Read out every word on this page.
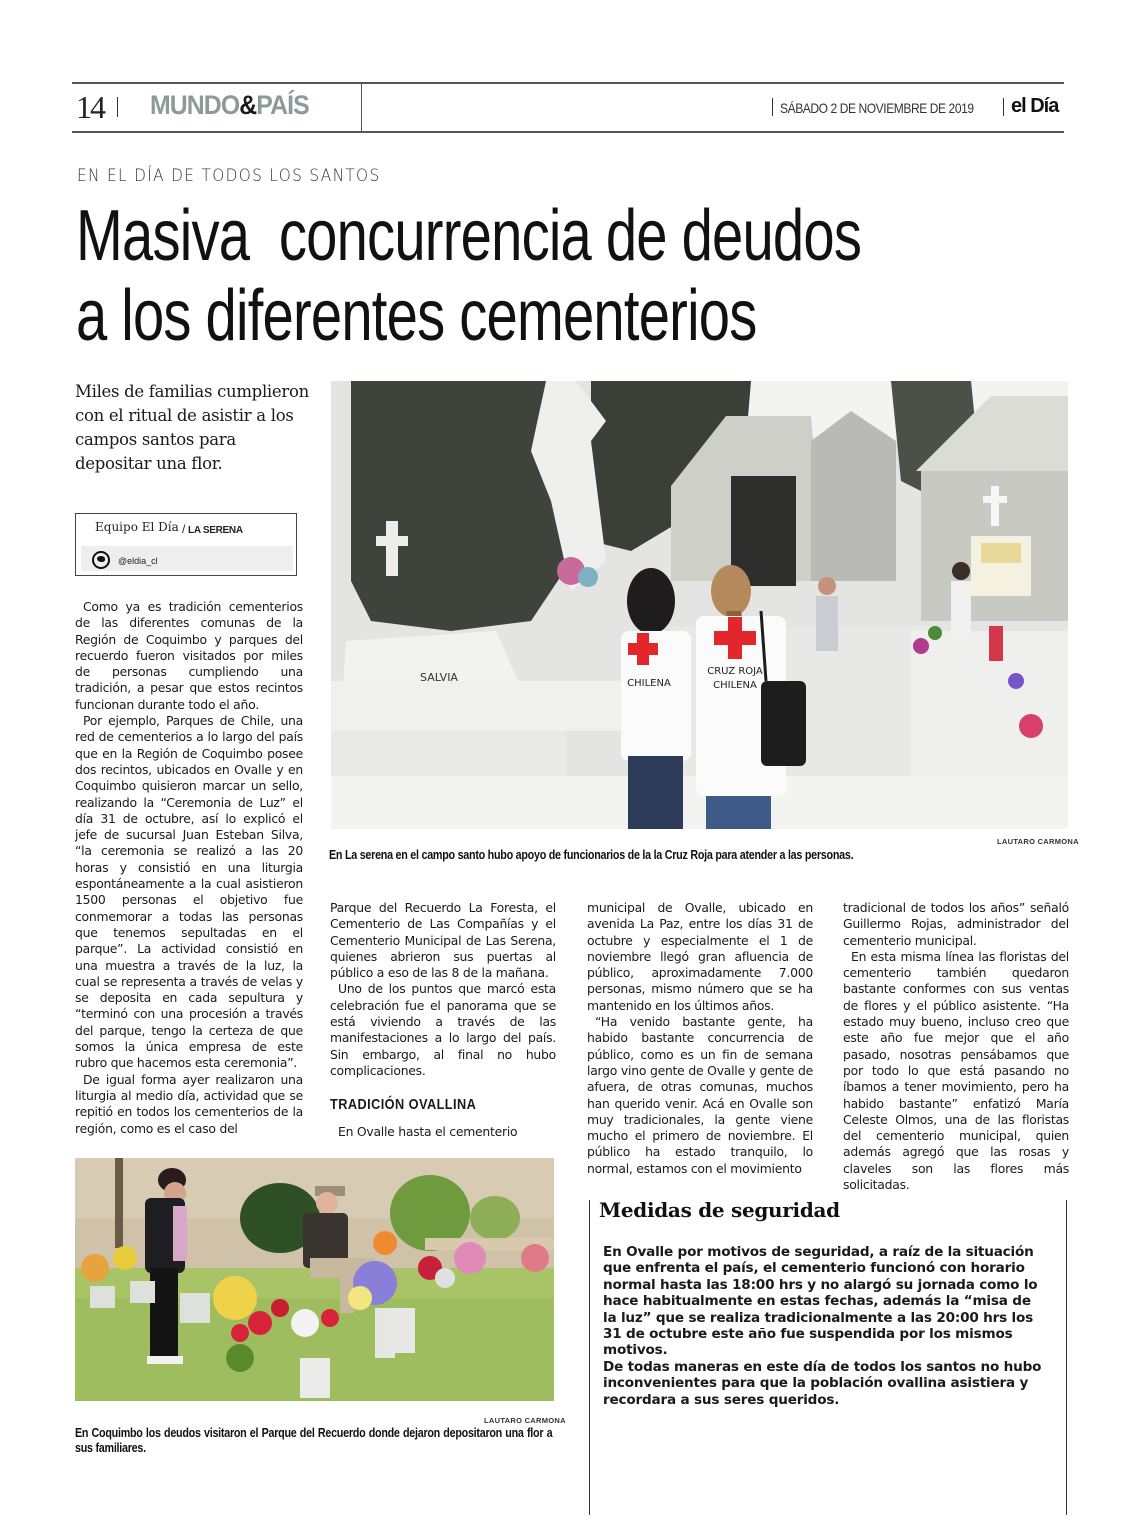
14 MUNDO&PAÍS	SÁBADO 2 DE NOVIEMBRE DE 2019 el Día
EN EL DÍA DE TODOS LOS SANTOS
Masiva  concurrencia de deudos
a los diferentes cementerios
Miles de familias cumplieron con el ritual de asistir a los campos santos para depositar una flor.
Equipo El Día / LA SERENA
@eldia_cl
SALVIA	CHILENA
CRUZ ROJA
CHILENA
LAUTARO CARMONA
En La serena en el campo santo hubo apoyo de funcionarios de la la Cruz Roja para atender a las personas.

Como ya es tradición cementerios de las diferentes comunas de la Región de Coquimbo y parques del recuerdo fueron visitados por miles de personas cumpliendo una tradición, a pesar que estos recintos funcionan durante todo el año.

Por ejemplo, Parques de Chile, una red de cementerios a lo largo del país que en la Región de Coquimbo posee dos recintos, ubicados en Ovalle y en Coquimbo quisieron marcar un sello, realizando la “Ceremonia de Luz” el día 31 de octubre, así lo explicó el jefe de sucursal Juan Esteban Silva, “la ceremonia se realizó a las 20 horas y consistió en una liturgia espontáneamente a la cual asistieron 1500 personas el objetivo fue conmemorar a todas las personas que tenemos sepultadas en el parque”. La actividad consistió en una muestra a través de la luz, la cual se representa a través de velas y se deposita en cada sepultura y “terminó con una procesión a través del parque, tengo la certeza de que somos la única empresa de este rubro que hacemos esta ceremonia”.

De igual forma ayer realizaron una liturgia al medio día, actividad que se repitió en todos los cementerios de la región, como es el caso del

Parque del Recuerdo La Foresta, el Cementerio de Las Compañías y el Cementerio Municipal de Las Serena, quienes abrieron sus puertas al público a eso de las 8 de la mañana.

Uno de los puntos que marcó esta celebración fue el panorama que se está viviendo a través de las manifestaciones a lo largo del país. Sin embargo, al final no hubo complicaciones.

TRADICIÓN OVALLINA

En Ovalle hasta el cementerio

municipal de Ovalle, ubicado en avenida La Paz, entre los días 31 de octubre y especialmente el 1 de noviembre llegó gran afluencia de público, aproximadamente 7.000 personas, mismo número que se ha mantenido en los últimos años.

“Ha venido bastante gente, ha habido bastante concurrencia de público, como es un fin de semana largo vino gente de Ovalle y gente de afuera, de otras comunas, muchos han querido venir. Acá en Ovalle son muy tradicionales, la gente viene mucho el primero de noviembre. El público ha estado tranquilo, lo normal, estamos con el movimiento

tradicional de todos los años” señaló Guillermo Rojas, administrador del cementerio municipal.

En esta misma línea las floristas del cementerio también quedaron bastante conformes con sus ventas de flores y el público asistente. “Ha estado muy bueno, incluso creo que este año fue mejor que el año pasado, nosotras pensábamos que por todo lo que está pasando no íbamos a tener movimiento, pero ha habido bastante” enfatizó María Celeste Olmos, una de las floristas del cementerio municipal, quien además agregó que las rosas y claveles son las flores más solicitadas.

LAUTARO CARMONA
En Coquimbo los deudos visitaron el Parque del Recuerdo donde dejaron depositaron una flor a sus familiares.
Medidas de seguridad

En Ovalle por motivos de seguridad, a raíz de la situación que enfrenta el país, el cementerio funcionó con horario normal hasta las 18:00 hrs y no alargó su jornada como lo hace habitualmente en estas fechas, además la “misa de la luz” que se realiza tradicionalmente a las 20:00 hrs los 31 de octubre este año fue suspendida por los mismos motivos.

De todas maneras en este día de todos los santos no hubo inconvenientes para que la población ovallina asistiera y recordara a sus seres queridos.
